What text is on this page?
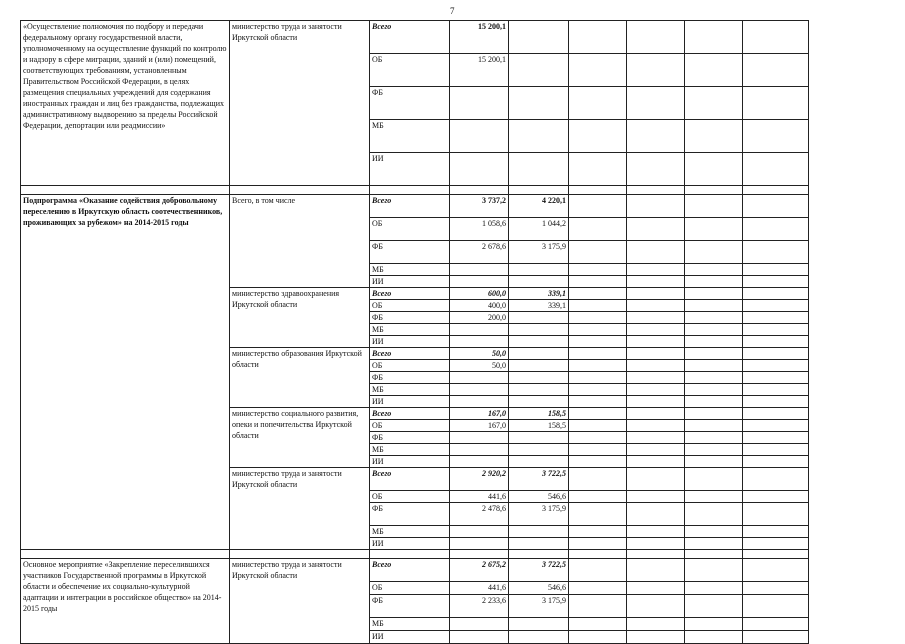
7
«Осуществление полномочия по подбору и передачи федеральному органу государственной власти, уполномоченному на осуществление функций по контролю и надзору в сфере миграции, зданий и (или) помещений, соответствующих требованиям, установленным Правительством Российской Федерации, в целях размещения специальных учреждений для содержания иностранных граждан и лиц без гражданства, подлежащих административному выдворению за пределы Российской Федерации, депортации или реадмиссии»	министерство труда и занятости Иркутской области	Всего	15 200,1						
		ОБ	15 200,1						
		ФБ							
		МБ							
		ИИ							

Подпрограмма «Оказание содействия добровольному переселению в Иркутскую область соотечественников, проживающих за рубежом» на 2014-2015 годы	Всего, в том числе	Всего	3 737,2	4 220,1					
		ОБ	1 058,6	1 044,2					
		ФБ	2 678,6	3 175,9					
		МБ							
		ИИ							
	министерство здравоохранения Иркутской области	Всего	600,0	339,1					
		ОБ	400,0	339,1					
		ФБ	200,0						
		МБ							
		ИИ							
	министерство образования Иркутской области	Всего	50,0						
		ОБ	50,0						
		ФБ							
		МБ							
		ИИ							
	министерство социального развития, опеки и попечительства Иркутской области	Всего	167,0	158,5					
		ОБ	167,0	158,5					
		ФБ							
		МБ							
		ИИ							
	министерство труда и занятости Иркутской области	Всего	2 920,2	3 722,5					
		ОБ	441,6	546,6					
		ФБ	2 478,6	3 175,9					
		МБ							
		ИИ							

Основное мероприятие «Закрепление переселившихся участников Государственной программы в Иркутской области и обеспечение их социально-культурной адаптации и интеграции в российское общество» на 2014-2015 годы	министерство труда и занятости Иркутской области	Всего	2 675,2	3 722,5					
		ОБ	441,6	546,6					
		ФБ	2 233,6	3 175,9					
		МБ							
		ИИ							
